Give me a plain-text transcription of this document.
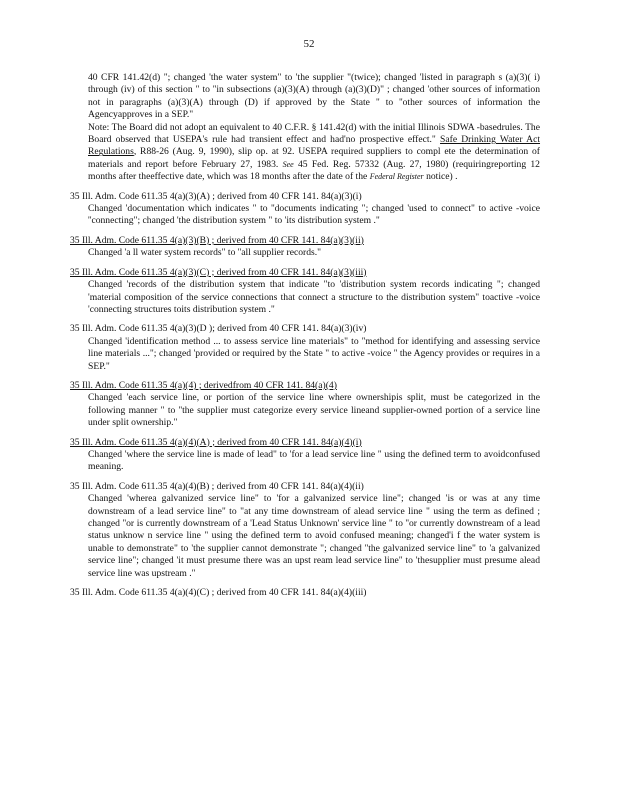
52

40 CFR 141.42(d) "; changed 'the water system" to 'the supplier "(twice); changed 'listed in paragraph s (a)(3)( i) through (iv) of this section " to ''in subsections (a)(3)(A) through (a)(3)(D)" ; changed 'other sources of information not in paragraphs (a)(3)(A) through (D) if approved by the State " to ''other sources of information the Agencyapproves in a SEP."

Note: The Board did not adopt an equivalent to 40 C.F.R. § 141.42(d) with the initial Illinois SDWA -basedrules. The Board observed that USEPA's rule had transient effect and had'no prospective effect." Safe Drinking Water Act Regulations, R88-26 (Aug. 9, 1990), slip op. at 92. USEPA required suppliers to compl ete the determination of materials and report before February 27, 1983. See 45 Fed. Reg. 57332 (Aug. 27, 1980) (requiringreporting 12 months after theeffective date, which was 18 months after the date of the Federal Register notice) .

35 Ill. Adm. Code 611.35 4(a)(3)(A) ; derived from 40 CFR 141. 84(a)(3)(i)

Changed 'documentation which indicates " to ''documents indicating "; changed 'used to connect" to active -voice ''connecting"; changed 'the distribution system " to 'its distribution system ."

35 Ill. Adm. Code 611.35 4(a)(3)(B) ; derived from 40 CFR 141. 84(a)(3)(ii)

Changed 'a ll water system records" to ''all supplier records."

35 Ill. Adm. Code 611.35 4(a)(3)(C) ; derived from 40 CFR 141. 84(a)(3)(iii)

Changed 'records of the distribution system that indicate "to 'distribution system records indicating "; changed 'material composition of the service connections that connect a structure to the distribution system" toactive -voice 'connecting structures toits distribution system ."

35 Ill. Adm. Code 611.35 4(a)(3)(D ); derived from 40 CFR 141. 84(a)(3)(iv)

Changed 'identification method ... to assess service line materials" to ''method for identifying and assessing service line materials ..."; changed 'provided or required by the State " to active -voice '' the Agency provides or requires in a SEP."

35 Ill. Adm. Code 611.35 4(a)(4) ; derivedfrom 40 CFR 141. 84(a)(4)

Changed 'each service line, or portion of the service line where ownershipis split, must be categorized in the following manner " to ''the supplier must categorize every service lineand supplier-owned portion of a service line under split ownership."

35 Ill. Adm. Code 611.35 4(a)(4)(A) ; derived from 40 CFR 141. 84(a)(4)(i)

Changed 'where the service line is made of lead" to 'for a lead service line " using the defined term to avoidconfused meaning.

35 Ill. Adm. Code 611.35 4(a)(4)(B) ; derived from 40 CFR 141. 84(a)(4)(ii)

Changed 'wherea galvanized service line" to 'for a galvanized service line"; changed 'is or was at any time downstream of a lead service line" to "at any time downstream of alead service line " using the term as defined ; changed ''or is currently downstream of a 'Lead Status Unknown' service line " to ''or currently downstream of a lead status unknow n service line " using the defined term to avoid confused meaning; changed'i f the water system is unable to demonstrate" to 'the supplier cannot demonstrate "; changed ''the galvanized service line" to 'a galvanized service line"; changed 'it must presume there was an upst ream lead service line" to 'thesupplier must presume alead service line was upstream ."

35 Ill. Adm. Code 611.35 4(a)(4)(C) ; derived from 40 CFR 141. 84(a)(4)(iii)
